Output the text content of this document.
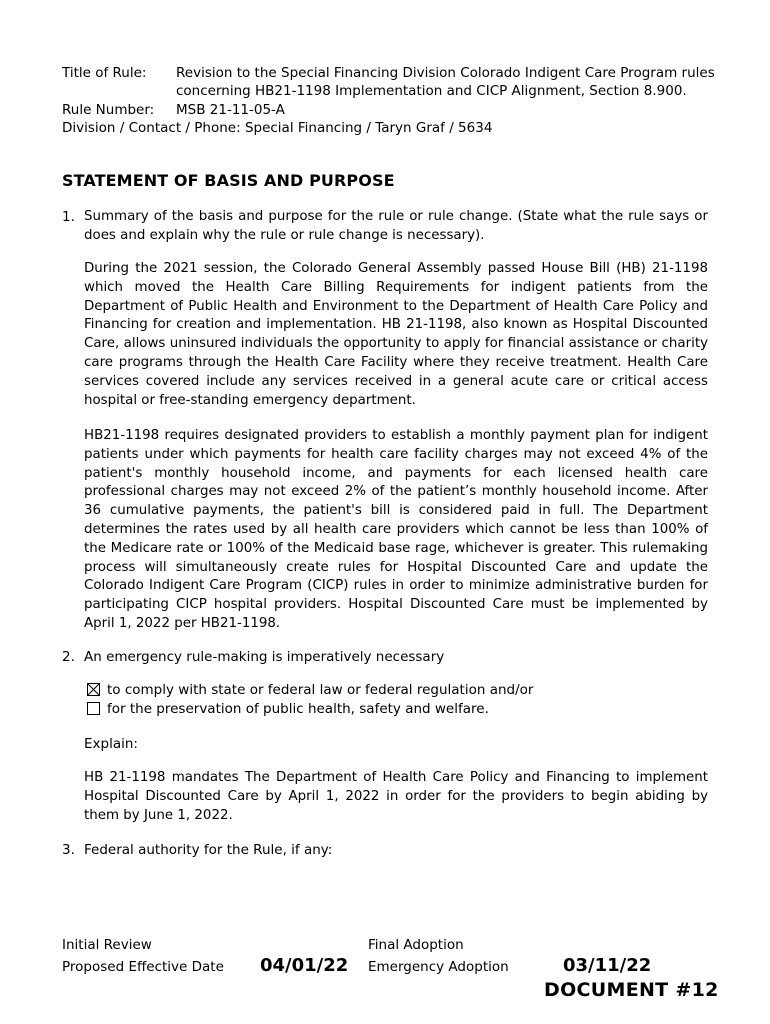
Title of Rule: Revision to the Special Financing Division Colorado Indigent Care Program rules
concerning HB21-1198 Implementation and CICP Alignment, Section 8.900.
Rule Number: MSB 21-11-05-A
Division / Contact / Phone: Special Financing / Taryn Graf / 5634
STATEMENT OF BASIS AND PURPOSE
1. Summary of the basis and purpose for the rule or rule change. (State what the rule says or does and explain why the rule or rule change is necessary).
During the 2021 session, the Colorado General Assembly passed House Bill (HB) 21-1198 which moved the Health Care Billing Requirements for indigent patients from the Department of Public Health and Environment to the Department of Health Care Policy and Financing for creation and implementation. HB 21-1198, also known as Hospital Discounted Care, allows uninsured individuals the opportunity to apply for financial assistance or charity care programs through the Health Care Facility where they receive treatment. Health Care services covered include any services received in a general acute care or critical access hospital or free-standing emergency department.
HB21-1198 requires designated providers to establish a monthly payment plan for indigent patients under which payments for health care facility charges may not exceed 4% of the patient's monthly household income, and payments for each licensed health care professional charges may not exceed 2% of the patient’s monthly household income. After 36 cumulative payments, the patient's bill is considered paid in full. The Department determines the rates used by all health care providers which cannot be less than 100% of the Medicare rate or 100% of the Medicaid base rage, whichever is greater. This rulemaking process will simultaneously create rules for Hospital Discounted Care and update the Colorado Indigent Care Program (CICP) rules in order to minimize administrative burden for participating CICP hospital providers. Hospital Discounted Care must be implemented by April 1, 2022 per HB21-1198.
2. An emergency rule-making is imperatively necessary
to comply with state or federal law or federal regulation and/or
for the preservation of public health, safety and welfare.
Explain:
HB 21-1198 mandates The Department of Health Care Policy and Financing to implement Hospital Discounted Care by April 1, 2022 in order for the providers to begin abiding by them by June 1, 2022.
3. Federal authority for the Rule, if any:
Initial Review
Proposed Effective Date 04/01/22
Final Adoption
Emergency Adoption	03/11/22
DOCUMENT #12
